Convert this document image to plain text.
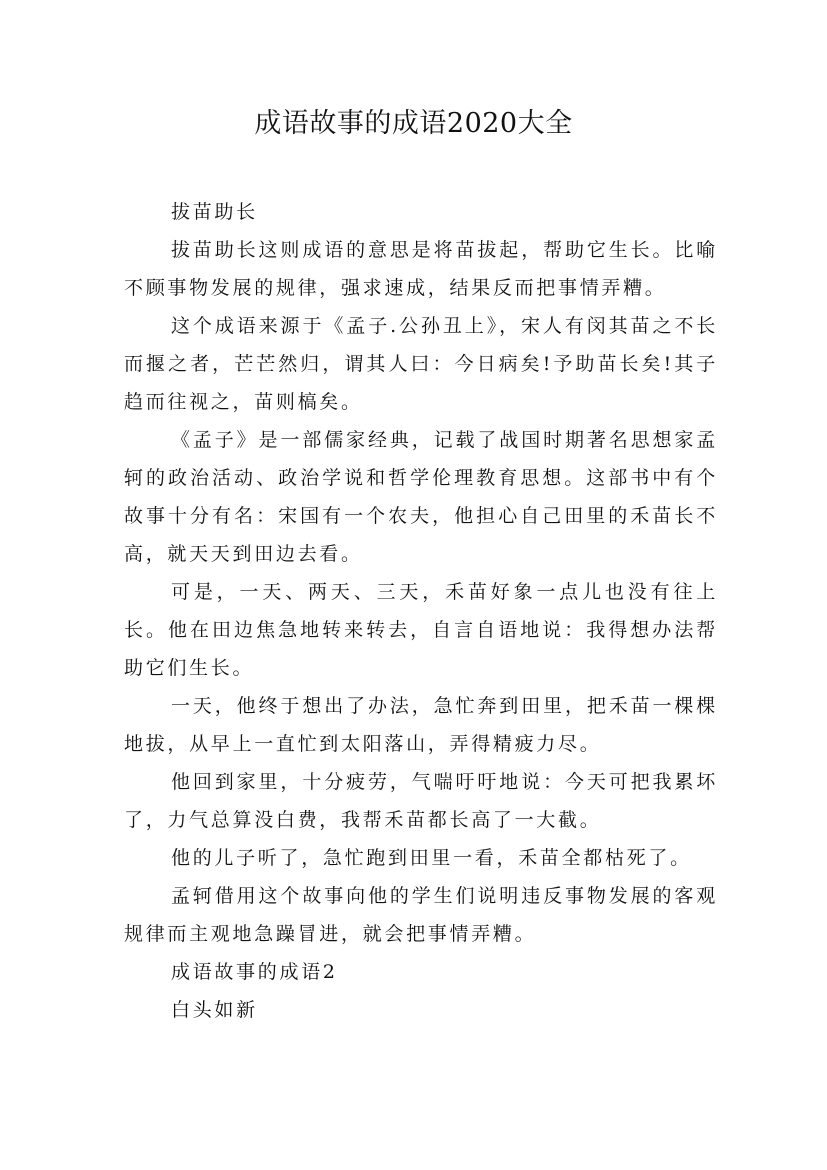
成语故事的成语2020大全

拔苗助长

拔苗助长这则成语的意思是将苗拔起，帮助它生长。比喻不顾事物发展的规律，强求速成，结果反而把事情弄糟。

这个成语来源于《孟子.公孙丑上》，宋人有闵其苗之不长而揠之者，芒芒然归，谓其人曰：今日病矣!予助苗长矣!其子趋而往视之，苗则槁矣。

《孟子》是一部儒家经典，记载了战国时期著名思想家孟轲的政治活动、政治学说和哲学伦理教育思想。这部书中有个故事十分有名：宋国有一个农夫，他担心自己田里的禾苗长不高，就天天到田边去看。

可是，一天、两天、三天，禾苗好象一点儿也没有往上长。他在田边焦急地转来转去，自言自语地说：我得想办法帮助它们生长。

一天，他终于想出了办法，急忙奔到田里，把禾苗一棵棵地拔，从早上一直忙到太阳落山，弄得精疲力尽。

他回到家里，十分疲劳，气喘吁吁地说：今天可把我累坏了，力气总算没白费，我帮禾苗都长高了一大截。

他的儿子听了，急忙跑到田里一看，禾苗全都枯死了。

孟轲借用这个故事向他的学生们说明违反事物发展的客观规律而主观地急躁冒进，就会把事情弄糟。

成语故事的成语2

白头如新
